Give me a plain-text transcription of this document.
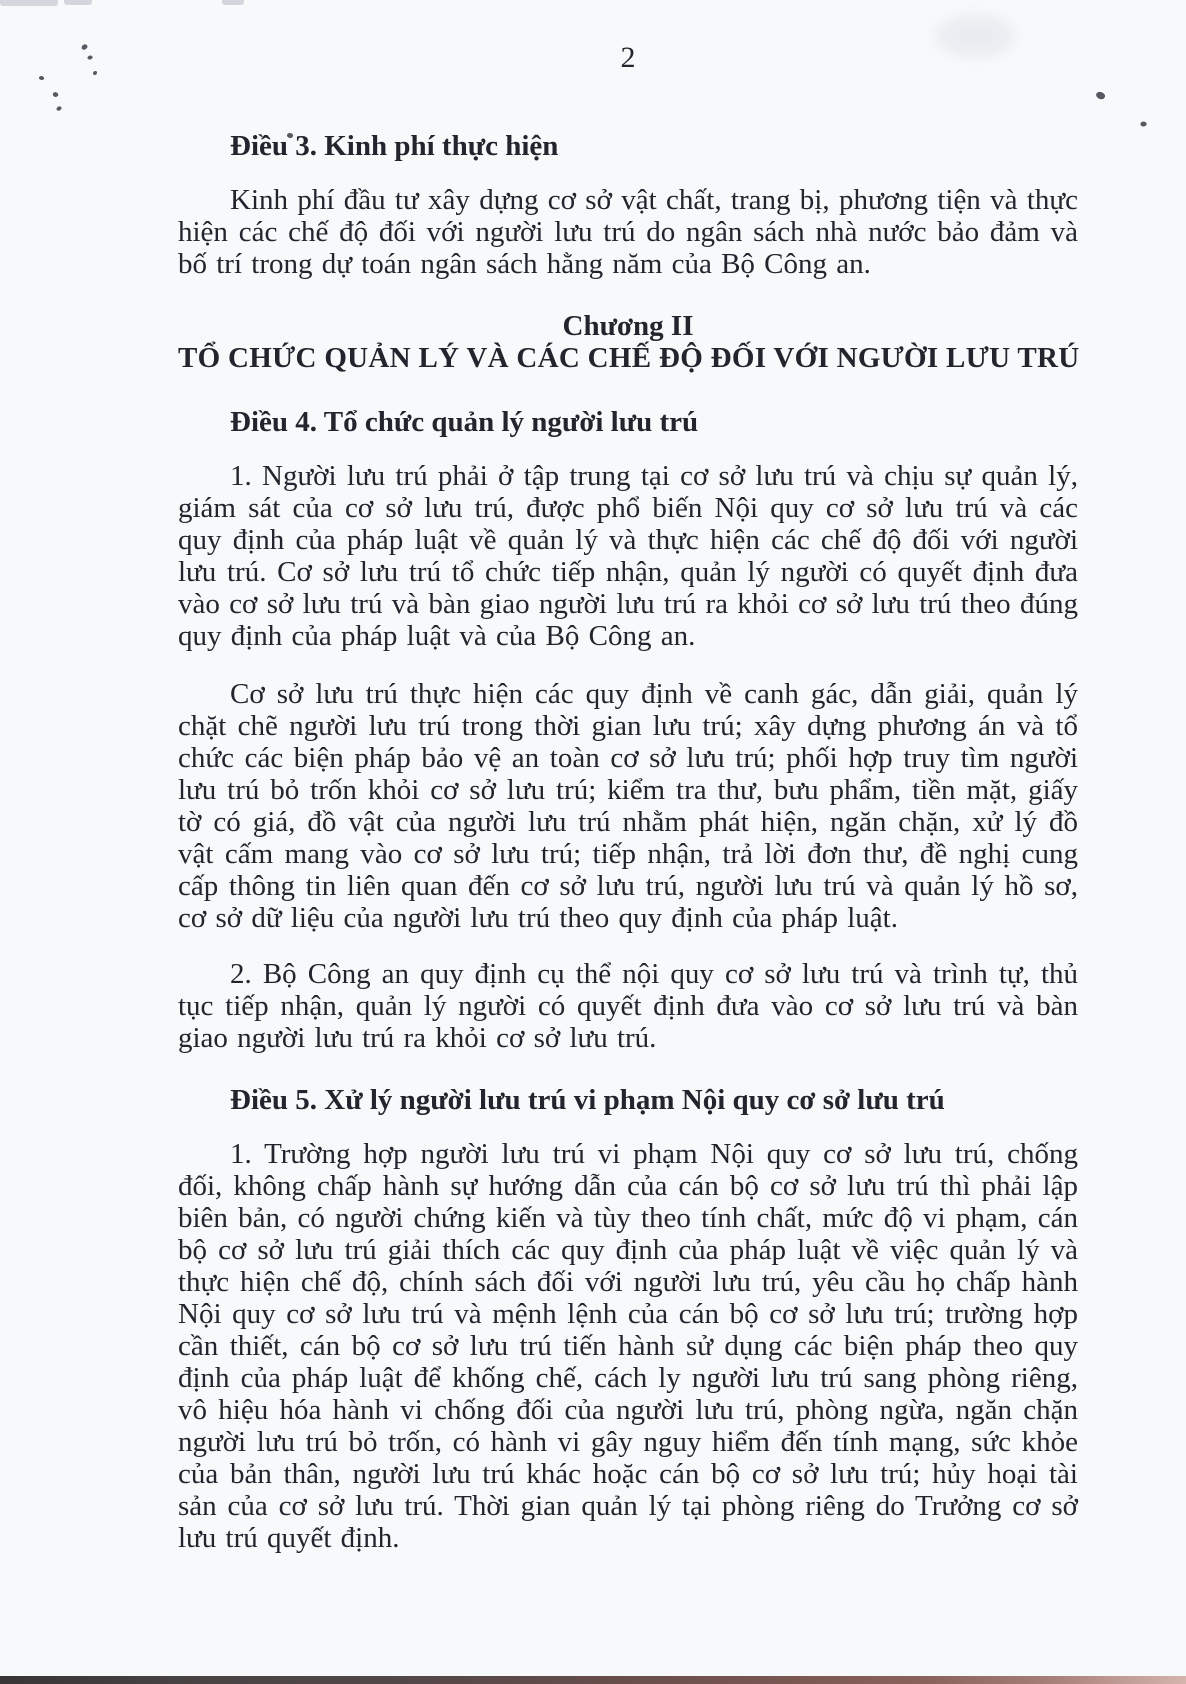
2
Điều 3. Kinh phí thực hiện

Kinh phí đầu tư xây dựng cơ sở vật chất, trang bị, phương tiện và thực hiện các chế độ đối với người lưu trú do ngân sách nhà nước bảo đảm và bố trí trong dự toán ngân sách hằng năm của Bộ Công an.

Chương II
TỔ CHỨC QUẢN LÝ VÀ CÁC CHẾ ĐỘ ĐỐI VỚI NGƯỜI LƯU TRÚ
Điều 4. Tổ chức quản lý người lưu trú

1. Người lưu trú phải ở tập trung tại cơ sở lưu trú và chịu sự quản lý, giám sát của cơ sở lưu trú, được phổ biến Nội quy cơ sở lưu trú và các quy định của pháp luật về quản lý và thực hiện các chế độ đối với người lưu trú. Cơ sở lưu trú tổ chức tiếp nhận, quản lý người có quyết định đưa vào cơ sở lưu trú và bàn giao người lưu trú ra khỏi cơ sở lưu trú theo đúng quy định của pháp luật và của Bộ Công an.

Cơ sở lưu trú thực hiện các quy định về canh gác, dẫn giải, quản lý chặt chẽ người lưu trú trong thời gian lưu trú; xây dựng phương án và tổ chức các biện pháp bảo vệ an toàn cơ sở lưu trú; phối hợp truy tìm người lưu trú bỏ trốn khỏi cơ sở lưu trú; kiểm tra thư, bưu phẩm, tiền mặt, giấy tờ có giá, đồ vật của người lưu trú nhằm phát hiện, ngăn chặn, xử lý đồ vật cấm mang vào cơ sở lưu trú; tiếp nhận, trả lời đơn thư, đề nghị cung cấp thông tin liên quan đến cơ sở lưu trú, người lưu trú và quản lý hồ sơ, cơ sở dữ liệu của người lưu trú theo quy định của pháp luật.

2. Bộ Công an quy định cụ thể nội quy cơ sở lưu trú và trình tự, thủ tục tiếp nhận, quản lý người có quyết định đưa vào cơ sở lưu trú và bàn giao người lưu trú ra khỏi cơ sở lưu trú.

Điều 5. Xử lý người lưu trú vi phạm Nội quy cơ sở lưu trú

1. Trường hợp người lưu trú vi phạm Nội quy cơ sở lưu trú, chống đối, không chấp hành sự hướng dẫn của cán bộ cơ sở lưu trú thì phải lập biên bản, có người chứng kiến và tùy theo tính chất, mức độ vi phạm, cán bộ cơ sở lưu trú giải thích các quy định của pháp luật về việc quản lý và thực hiện chế độ, chính sách đối với người lưu trú, yêu cầu họ chấp hành Nội quy cơ sở lưu trú và mệnh lệnh của cán bộ cơ sở lưu trú; trường hợp cần thiết, cán bộ cơ sở lưu trú tiến hành sử dụng các biện pháp theo quy định của pháp luật để khống chế, cách ly người lưu trú sang phòng riêng, vô hiệu hóa hành vi chống đối của người lưu trú, phòng ngừa, ngăn chặn người lưu trú bỏ trốn, có hành vi gây nguy hiểm đến tính mạng, sức khỏe của bản thân, người lưu trú khác hoặc cán bộ cơ sở lưu trú; hủy hoại tài sản của cơ sở lưu trú. Thời gian quản lý tại phòng riêng do Trưởng cơ sở lưu trú quyết định.
